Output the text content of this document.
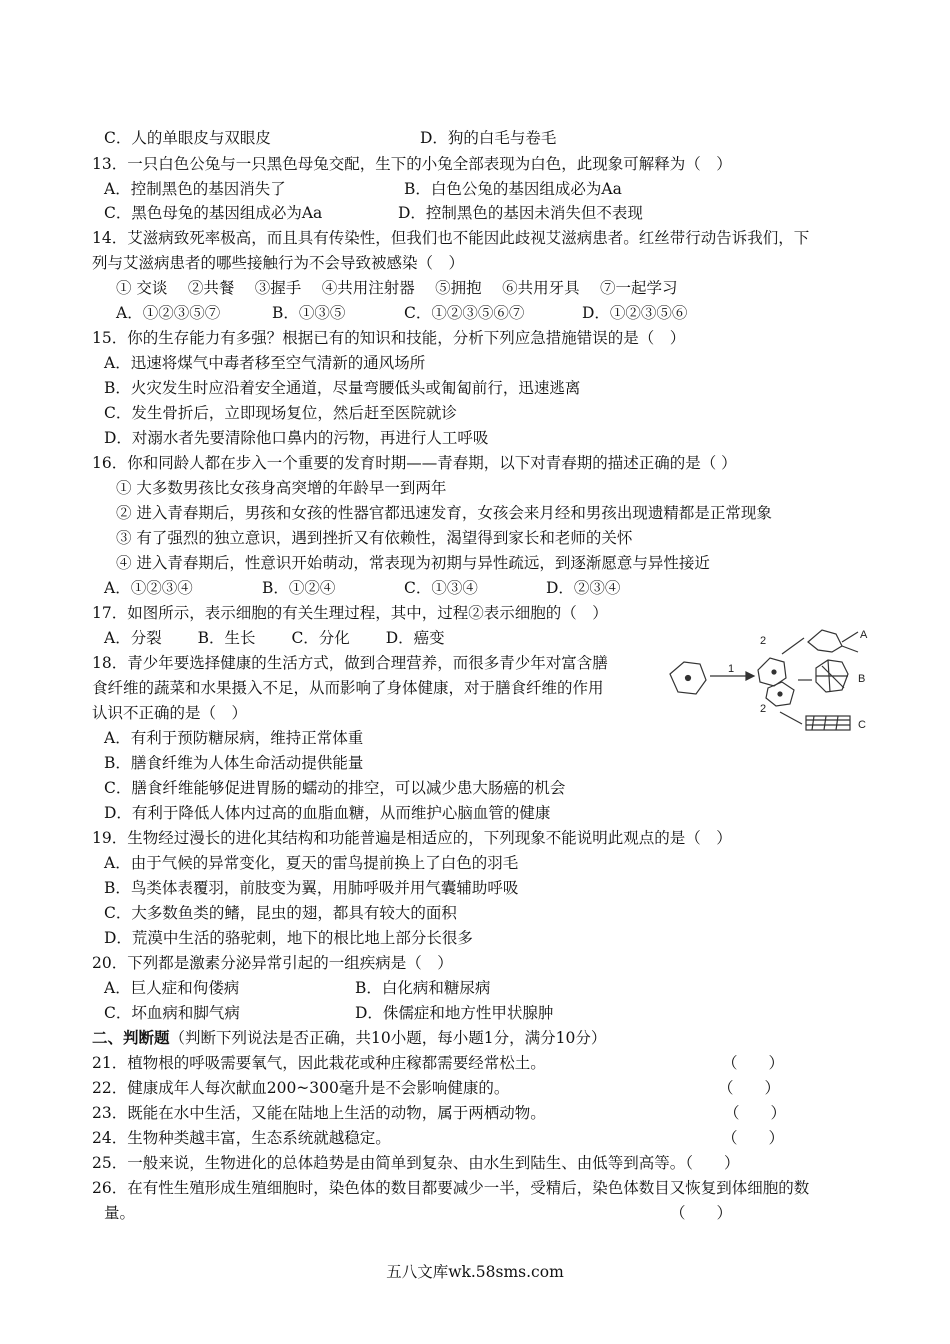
C．人的单眼皮与双眼皮	D．狗的白毛与卷毛
13．一只白色公兔与一只黑色母兔交配，生下的小兔全部表现为白色，此现象可解释为（　）
A．控制黑色的基因消失了	B．白色公兔的基因组成必为Aa
C．黑色母兔的基因组成必为Aa	D．控制黑色的基因未消失但不表现
14．艾滋病致死率极高，而且具有传染性，但我们也不能因此歧视艾滋病患者。红丝带行动告诉我们，下
列与艾滋病患者的哪些接触行为不会导致被感染（　）
① 交谈　 ②共餐　 ③握手　 ④共用注射器　 ⑤拥抱　 ⑥共用牙具　 ⑦一起学习
A．①②③⑤⑦	B．①③⑤	C．①②③⑤⑥⑦	D．①②③⑤⑥
15．你的生存能力有多强？根据已有的知识和技能，分析下列应急措施错误的是（　）
A．迅速将煤气中毒者移至空气清新的通风场所
B．火灾发生时应沿着安全通道，尽量弯腰低头或匍匐前行，迅速逃离
C．发生骨折后，立即现场复位，然后赶至医院就诊
D．对溺水者先要清除他口鼻内的污物，再进行人工呼吸
16．你和同龄人都在步入一个重要的发育时期——青春期，以下对青春期的描述正确的是（ ）
① 大多数男孩比女孩身高突增的年龄早一到两年
② 进入青春期后，男孩和女孩的性器官都迅速发育，女孩会来月经和男孩出现遗精都是正常现象
③ 有了强烈的独立意识，遇到挫折又有依赖性，渴望得到家长和老师的关怀
④ 进入青春期后，性意识开始萌动，常表现为初期与异性疏远，到逐渐愿意与异性接近
A．①②③④	B．①②④	C．①③④	D．②③④
17．如图所示，表示细胞的有关生理过程，其中，过程②表示细胞的（　）
A．分裂　　 B．生长　　 C．分化　　 D．癌变
18．青少年要选择健康的生活方式，做到合理营养，而很多青少年对富含膳
食纤维的蔬菜和水果摄入不足，从而影响了身体健康，对于膳食纤维的作用
认识不正确的是（　）
A．有利于预防糖尿病，维持正常体重
B．膳食纤维为人体生命活动提供能量
C．膳食纤维能够促进胃肠的蠕动的排空，可以减少患大肠癌的机会
D．有利于降低人体内过高的血脂血糖，从而维护心脑血管的健康
19．生物经过漫长的进化其结构和功能普遍是相适应的，下列现象不能说明此观点的是（　）
A．由于气候的异常变化，夏天的雷鸟提前换上了白色的羽毛
B．鸟类体表覆羽，前肢变为翼，用肺呼吸并用气囊辅助呼吸
C．大多数鱼类的鳍，昆虫的翅，都具有较大的面积
D．荒漠中生活的骆驼刺，地下的根比地上部分长很多
20．下列都是激素分泌异常引起的一组疾病是（　）
A．巨人症和佝偻病	B．白化病和糖尿病
C．坏血病和脚气病	D．侏儒症和地方性甲状腺肿
二、判断题（判断下列说法是否正确，共10小题，每小题1分，满分10分）
21．植物根的呼吸需要氧气，因此栽花或种庄稼都需要经常松土。	（　　）
22．健康成年人每次献血200~300毫升是不会影响健康的。	（　　）
23．既能在水中生活，又能在陆地上生活的动物，属于两栖动物。	（　　）
24．生物种类越丰富，生态系统就越稳定。	（　　）
25．一般来说，生物进化的总体趋势是由简单到复杂、由水生到陆生、由低等到高等。（　　）
26．在有性生殖形成生殖细胞时，染色体的数目都要减少一半，受精后，染色体数目又恢复到体细胞的数
量。	（　　）
1
2
2
A
B
C
五八文库wk.58sms.com
